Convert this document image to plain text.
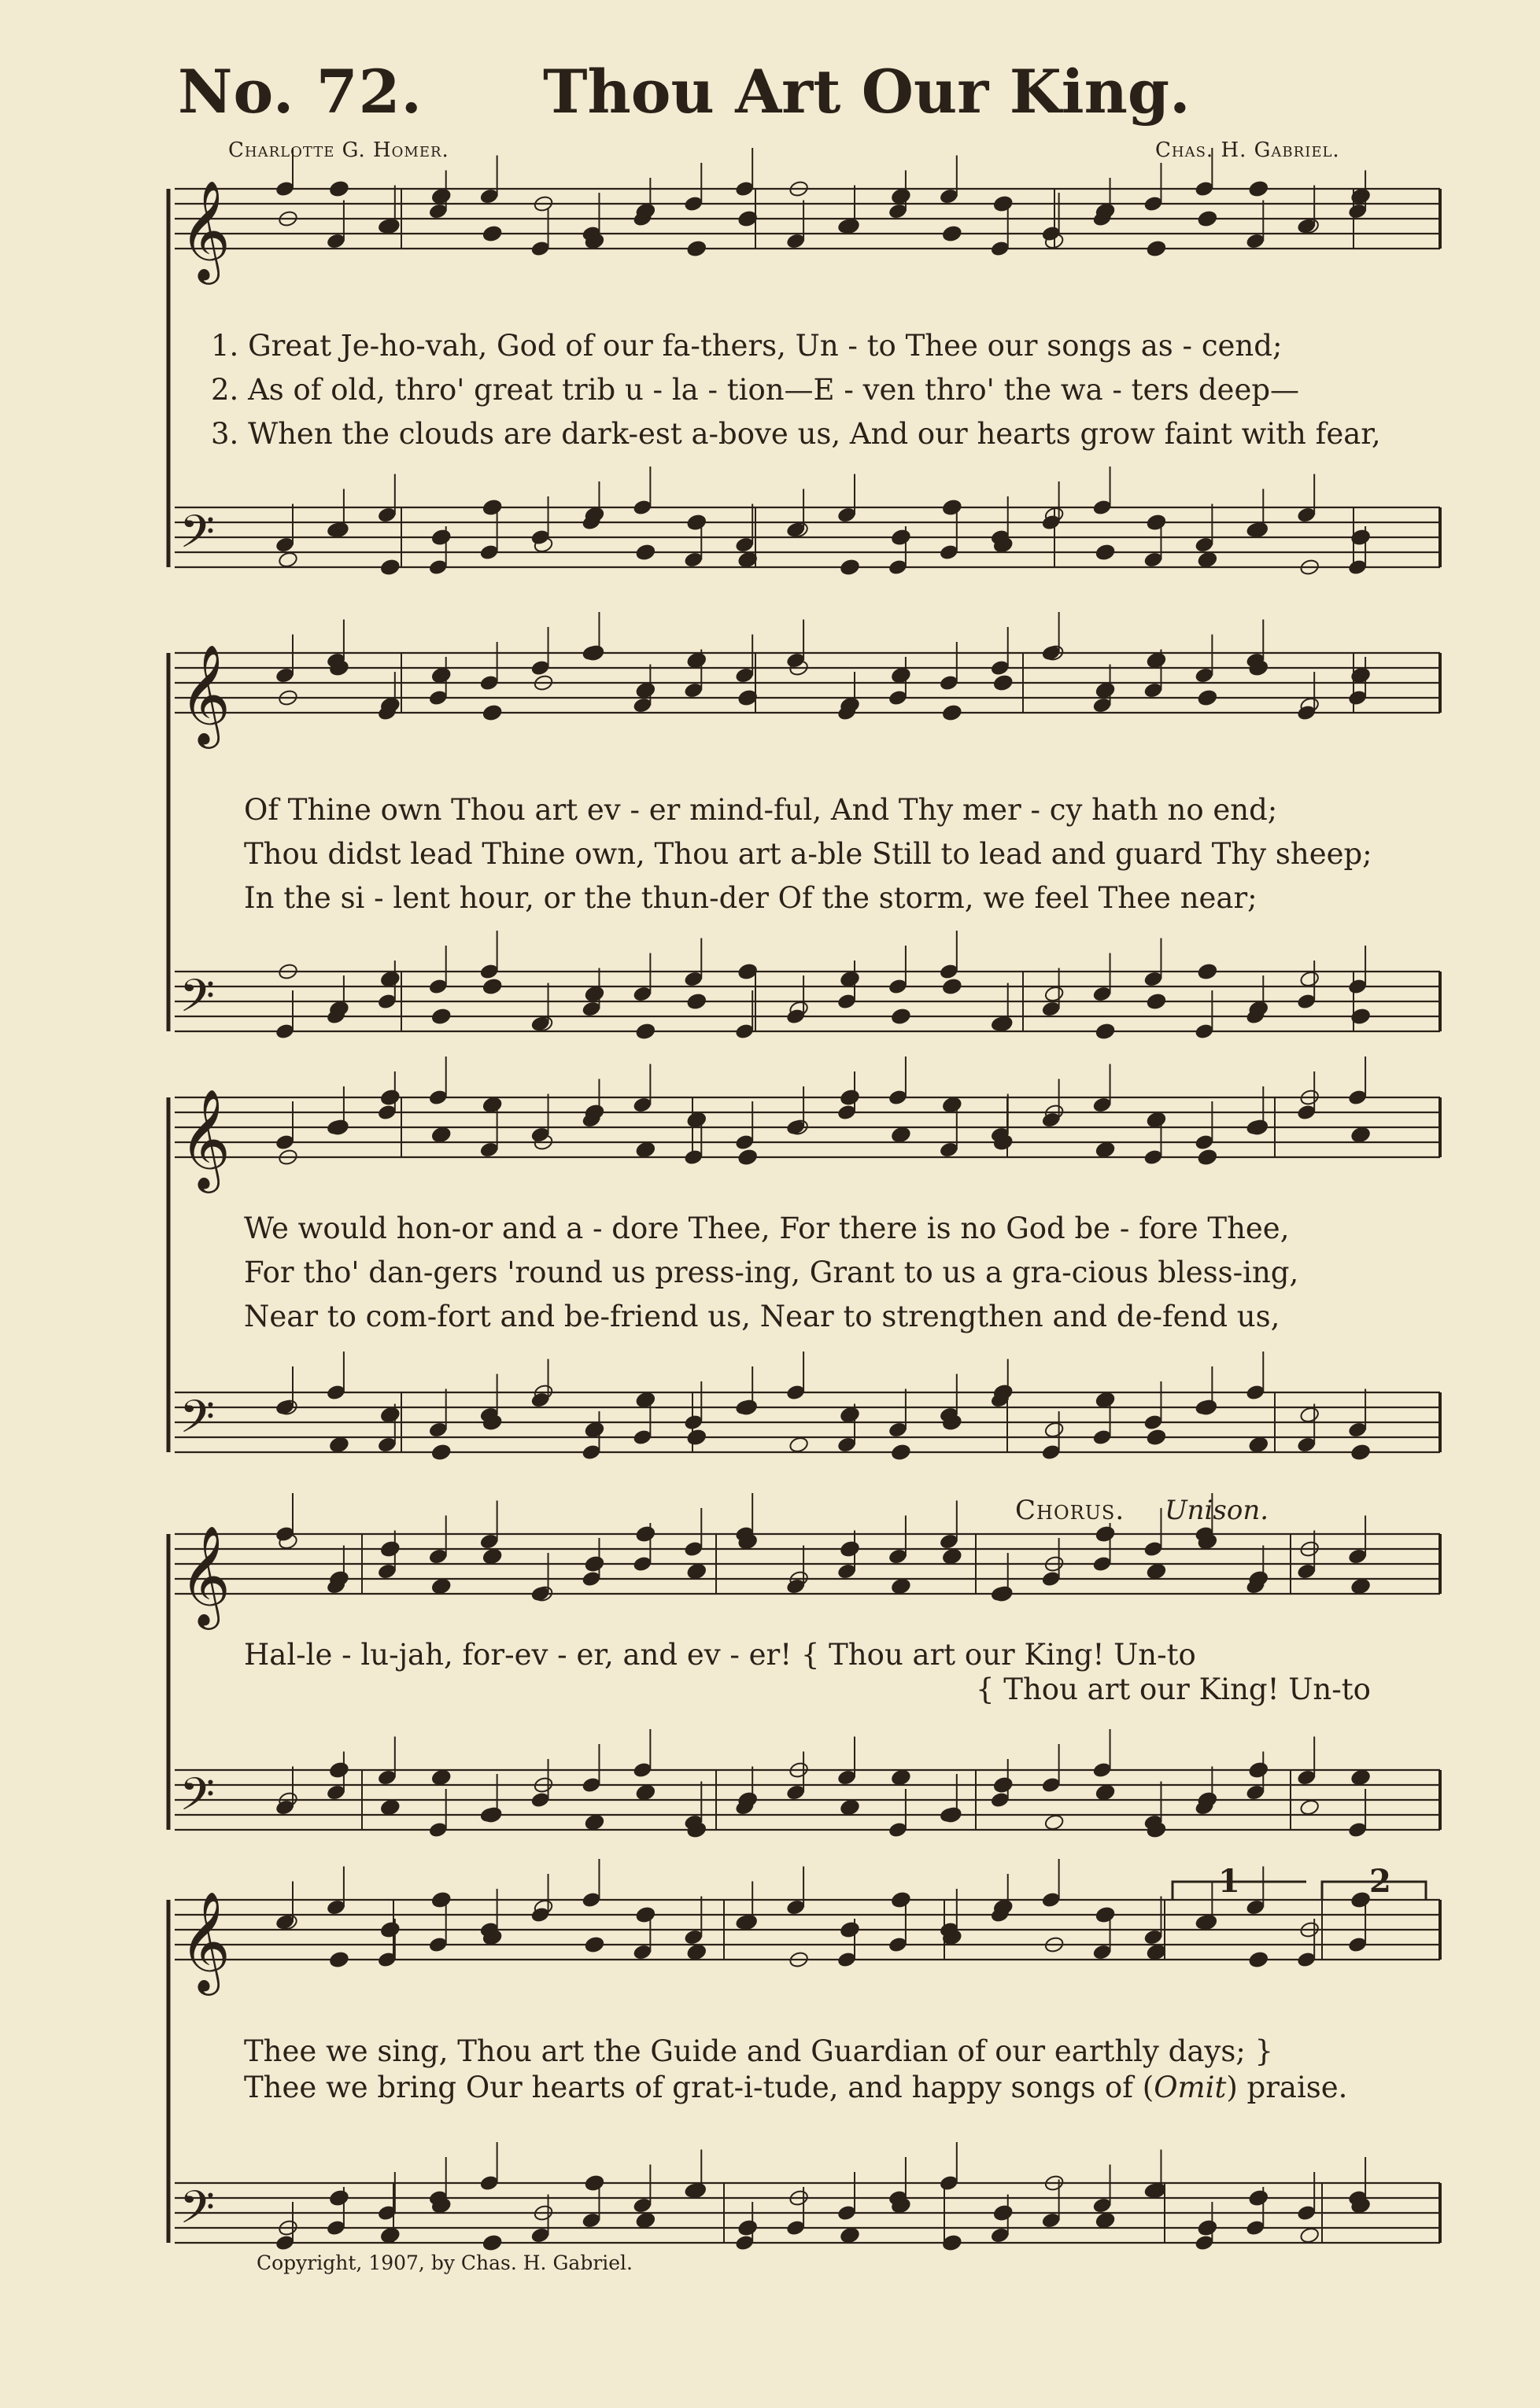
No. 72. Thou Art Our King.
Charlotte G. Homer.	Chas. H. Gabriel.
𝄞
𝄢
𝄞
𝄢
𝄞
𝄢
𝄞
𝄢
𝄞
𝄢
1. Great Je-ho-vah, God of our fa-thers, Un - to Thee our songs as - cend;
2. As of old, thro' great trib u - la - tion—E - ven thro' the wa - ters deep—
3. When the clouds are dark-est a-bove us, And our hearts grow faint with fear,
Of Thine own Thou art ev - er mind-ful, And Thy mer - cy hath no end;
Thou didst lead Thine own, Thou art a-ble Still to lead and guard Thy sheep;
In the si - lent hour, or the thun-der Of the storm, we feel Thee near;
We would hon-or and a - dore Thee, For there is no God be - fore Thee,
For tho' dan-gers 'round us press-ing, Grant to us a gra-cious bless-ing,
Near to com-fort and be-friend us, Near to strengthen and de-fend us,
Chorus. Unison.
Hal-le - lu-jah, for-ev - er, and ev - er! { Thou art our King! Un-to
{ Thou art our King! Un-to
Thee we sing, Thou art the Guide and Guardian of our earthly days; }
Thee we bring Our hearts of grat-i-tude, and happy songs of (Omit) praise.
1	2
Copyright, 1907, by Chas. H. Gabriel.
